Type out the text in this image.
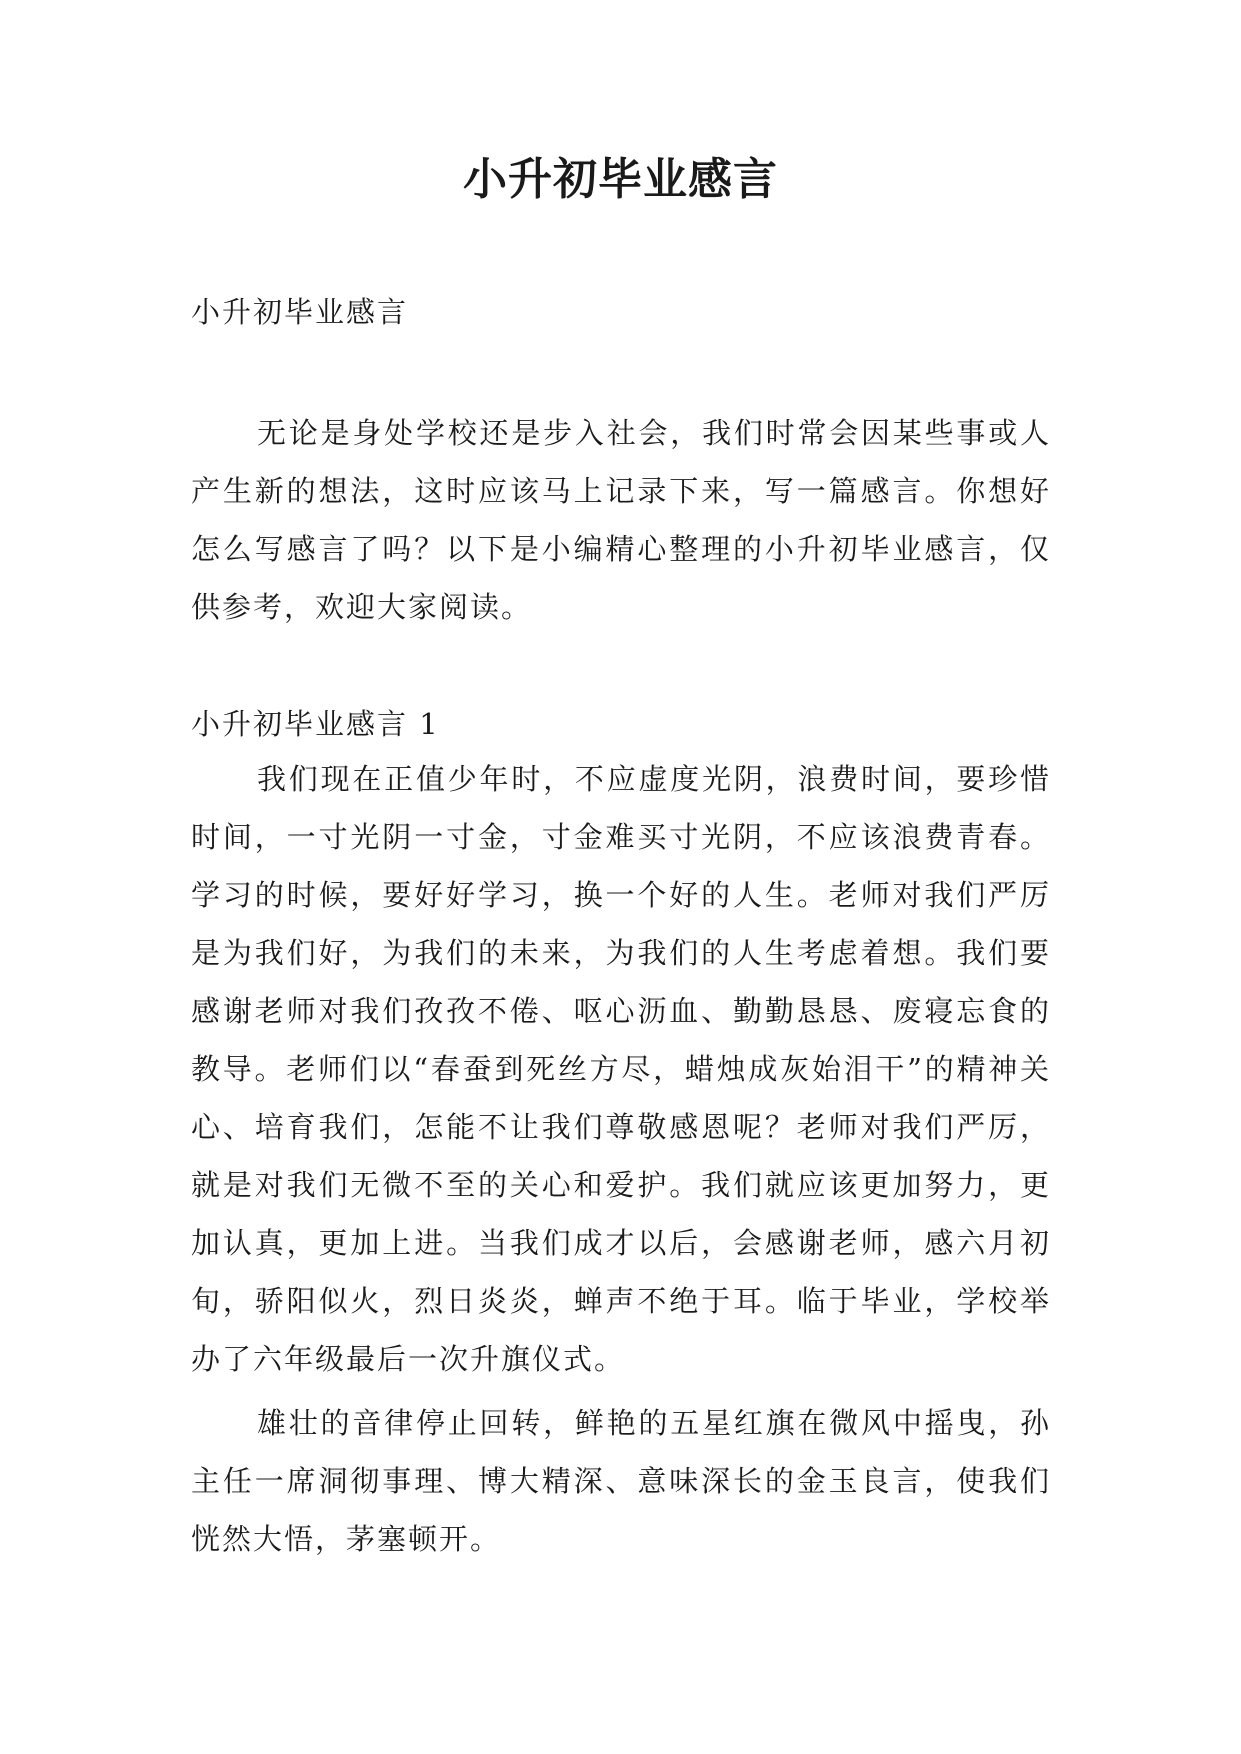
小升初毕业感言

小升初毕业感言

无论是身处学校还是步入社会，我们时常会因某些事或人产生新的想法，这时应该马上记录下来，写一篇感言。你想好怎么写感言了吗？以下是小编精心整理的小升初毕业感言，仅供参考，欢迎大家阅读。

小升初毕业感言 1

我们现在正值少年时，不应虚度光阴，浪费时间，要珍惜时间，一寸光阴一寸金，寸金难买寸光阴，不应该浪费青春。学习的时候，要好好学习，换一个好的人生。老师对我们严厉是为我们好，为我们的未来，为我们的人生考虑着想。我们要感谢老师对我们孜孜不倦、呕心沥血、勤勤恳恳、废寝忘食的教导。老师们以“春蚕到死丝方尽，蜡烛成灰始泪干”的精神关心、培育我们，怎能不让我们尊敬感恩呢？老师对我们严厉，就是对我们无微不至的关心和爱护。我们就应该更加努力，更加认真，更加上进。当我们成才以后，会感谢老师，感六月初旬，骄阳似火，烈日炎炎，蝉声不绝于耳。临于毕业，学校举办了六年级最后一次升旗仪式。

雄壮的音律停止回转，鲜艳的五星红旗在微风中摇曳，孙主任一席洞彻事理、博大精深、意味深长的金玉良言，使我们恍然大悟，茅塞顿开。
